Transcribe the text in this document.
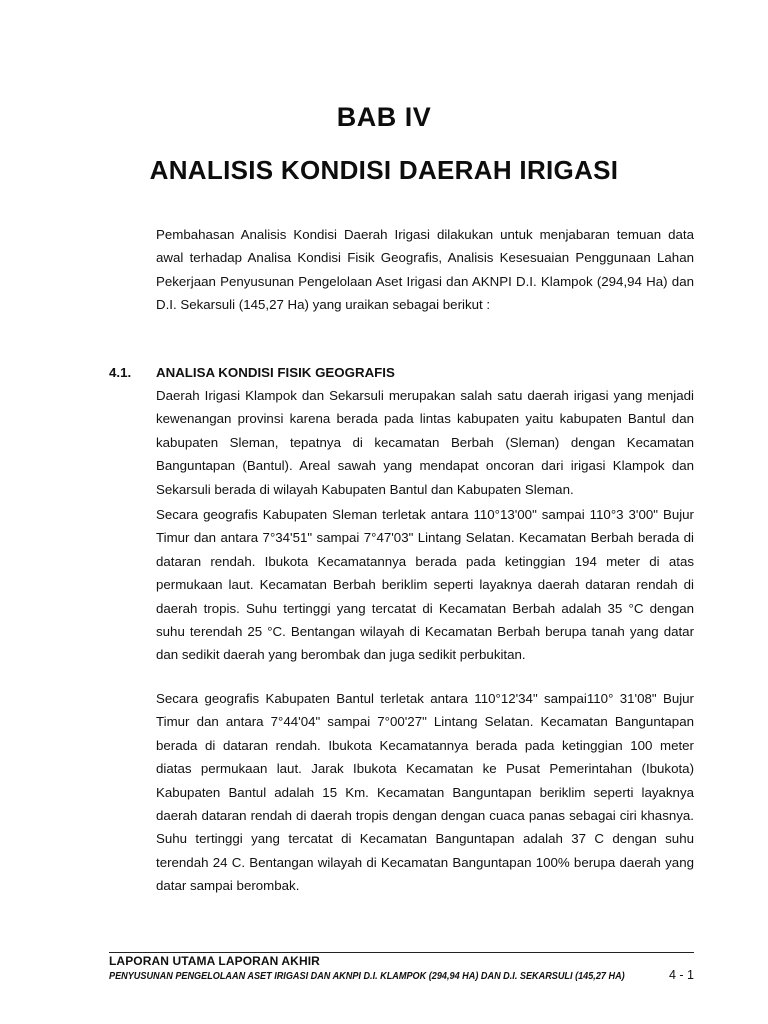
BAB IV
ANALISIS KONDISI DAERAH IRIGASI

Pembahasan Analisis Kondisi Daerah Irigasi dilakukan untuk menjabaran temuan data awal terhadap Analisa Kondisi Fisik Geografis, Analisis Kesesuaian Penggunaan Lahan Pekerjaan Penyusunan Pengelolaan Aset Irigasi dan AKNPI D.I. Klampok (294,94 Ha) dan D.I. Sekarsuli (145,27 Ha) yang uraikan sebagai berikut :

4.1. ANALISA KONDISI FISIK GEOGRAFIS

Daerah Irigasi Klampok dan Sekarsuli merupakan salah satu daerah irigasi yang menjadi kewenangan provinsi karena berada pada lintas kabupaten yaitu kabupaten Bantul dan kabupaten Sleman, tepatnya di kecamatan Berbah (Sleman) dengan Kecamatan Banguntapan (Bantul). Areal sawah yang mendapat oncoran dari irigasi Klampok dan Sekarsuli berada di wilayah Kabupaten Bantul dan Kabupaten Sleman.

Secara geografis Kabupaten Sleman terletak antara 110°13'00" sampai 110°3 3'00" Bujur Timur dan antara 7°34'51" sampai 7°47'03" Lintang Selatan. Kecamatan Berbah berada di dataran rendah. Ibukota Kecamatannya berada pada ketinggian 194 meter di atas permukaan laut. Kecamatan Berbah beriklim seperti layaknya daerah dataran rendah di daerah tropis. Suhu tertinggi yang tercatat di Kecamatan Berbah adalah 35 °C dengan suhu terendah 25 °C. Bentangan wilayah di Kecamatan Berbah berupa tanah yang datar dan sedikit daerah yang berombak dan juga sedikit perbukitan.

Secara geografis Kabupaten Bantul terletak antara 110°12'34" sampai110° 31'08" Bujur Timur dan antara 7°44'04" sampai 7°00'27" Lintang Selatan. Kecamatan Banguntapan berada di dataran rendah. Ibukota Kecamatannya berada pada ketinggian 100 meter diatas permukaan laut. Jarak Ibukota Kecamatan ke Pusat Pemerintahan (Ibukota) Kabupaten Bantul adalah 15 Km. Kecamatan Banguntapan beriklim seperti layaknya daerah dataran rendah di daerah tropis dengan dengan cuaca panas sebagai ciri khasnya. Suhu tertinggi yang tercatat di Kecamatan Banguntapan adalah 37 C dengan suhu terendah 24 C. Bentangan wilayah di Kecamatan Banguntapan 100% berupa daerah yang datar sampai berombak.

LAPORAN UTAMA LAPORAN AKHIR
PENYUSUNAN PENGELOLAAN ASET IRIGASI DAN AKNPI D.I. KLAMPOK (294,94 HA) DAN D.I. SEKARSULI (145,27 HA)	4 - 1
